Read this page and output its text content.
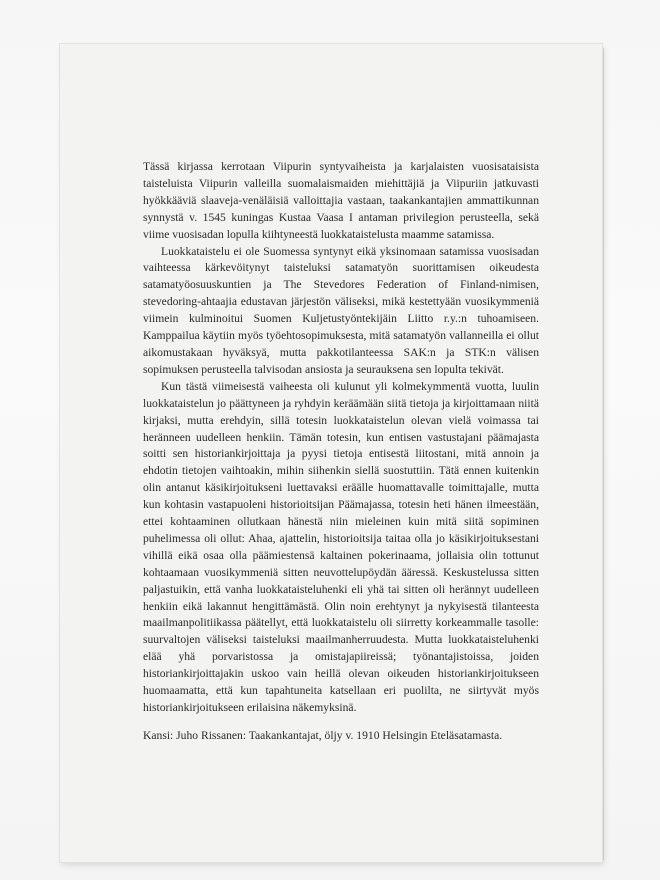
Tässä kirjassa kerrotaan Viipurin syntyvaiheista ja karjalaisten vuosisataisista taisteluista Viipurin valleilla suomalaismaiden miehittäjiä ja Viipuriin jatkuvasti hyökkääviä slaaveja-venäläisiä valloittajia vastaan, taakankantajien ammattikunnan synnystä v. 1545 kuningas Kustaa Vaasa I antaman privilegion perusteella, sekä viime vuosisadan lopulla kiihtyneestä luokkataistelusta maamme satamissa.

Luokkataistelu ei ole Suomessa syntynyt eikä yksinomaan satamissa vuosisadan vaihteessa kärkevöitynyt taisteluksi satamatyön suorittamisen oikeudesta satamatyöosuuskuntien ja The Stevedores Federation of Finland-nimisen, stevedoring-ahtaajia edustavan järjestön väliseksi, mikä kestettyään vuosikymmeniä viimein kulminoitui Suomen Kuljetustyöntekijäin Liitto r.y.:n tuhoamiseen. Kamppailua käytiin myös työehtosopimuksesta, mitä satamatyön vallanneilla ei ollut aikomustakaan hyväksyä, mutta pakkotilanteessa SAK:n ja STK:n välisen sopimuksen perusteella talvisodan ansiosta ja seurauksena sen lopulta tekivät.

Kun tästä viimeisestä vaiheesta oli kulunut yli kolmekymmentä vuotta, luulin luokkataistelun jo päättyneen ja ryhdyin keräämään siitä tietoja ja kirjoittamaan niitä kirjaksi, mutta erehdyin, sillä totesin luokkataistelun olevan vielä voimassa tai heränneen uudelleen henkiin. Tämän totesin, kun entisen vastustajani päämajasta soitti sen historiankirjoittaja ja pyysi tietoja entisestä liitostani, mitä annoin ja ehdotin tietojen vaihtoakin, mihin siihenkin siellä suostuttiin. Tätä ennen kuitenkin olin antanut käsikirjoitukseni luettavaksi eräälle huomattavalle toimittajalle, mutta kun kohtasin vastapuoleni historioitsijan Päämajassa, totesin heti hänen ilmeestään, ettei kohtaaminen ollutkaan hänestä niin mieleinen kuin mitä siitä sopiminen puhelimessa oli ollut: Ahaa, ajattelin, historioitsija taitaa olla jo käsikirjoituksestani vihillä eikä osaa olla päämiestensä kaltainen pokerinaama, jollaisia olin tottunut kohtaamaan vuosikymmeniä sitten neuvottelupöydän ääressä. Keskustelussa sitten paljastuikin, että vanha luokkataisteluhenki eli yhä tai sitten oli herännyt uudelleen henkiin eikä lakannut hengittämästä. Olin noin erehtynyt ja nykyisestä tilanteesta maailmanpolitiikassa päätellyt, että luokkataistelu oli siirretty korkeammalle tasolle: suurvaltojen väliseksi taisteluksi maailmanherruudesta. Mutta luokkataisteluhenki elää yhä porvaristossa ja omistajapiireissä; työnantajistoissa, joiden historiankirjoittajakin uskoo vain heillä olevan oikeuden historiankirjoitukseen huomaamatta, että kun tapahtuneita katsellaan eri puolilta, ne siirtyvät myös historiankirjoitukseen erilaisina näkemyksinä.

Kansi: Juho Rissanen: Taakankantajat, öljy v. 1910 Helsingin Eteläsatamasta.
